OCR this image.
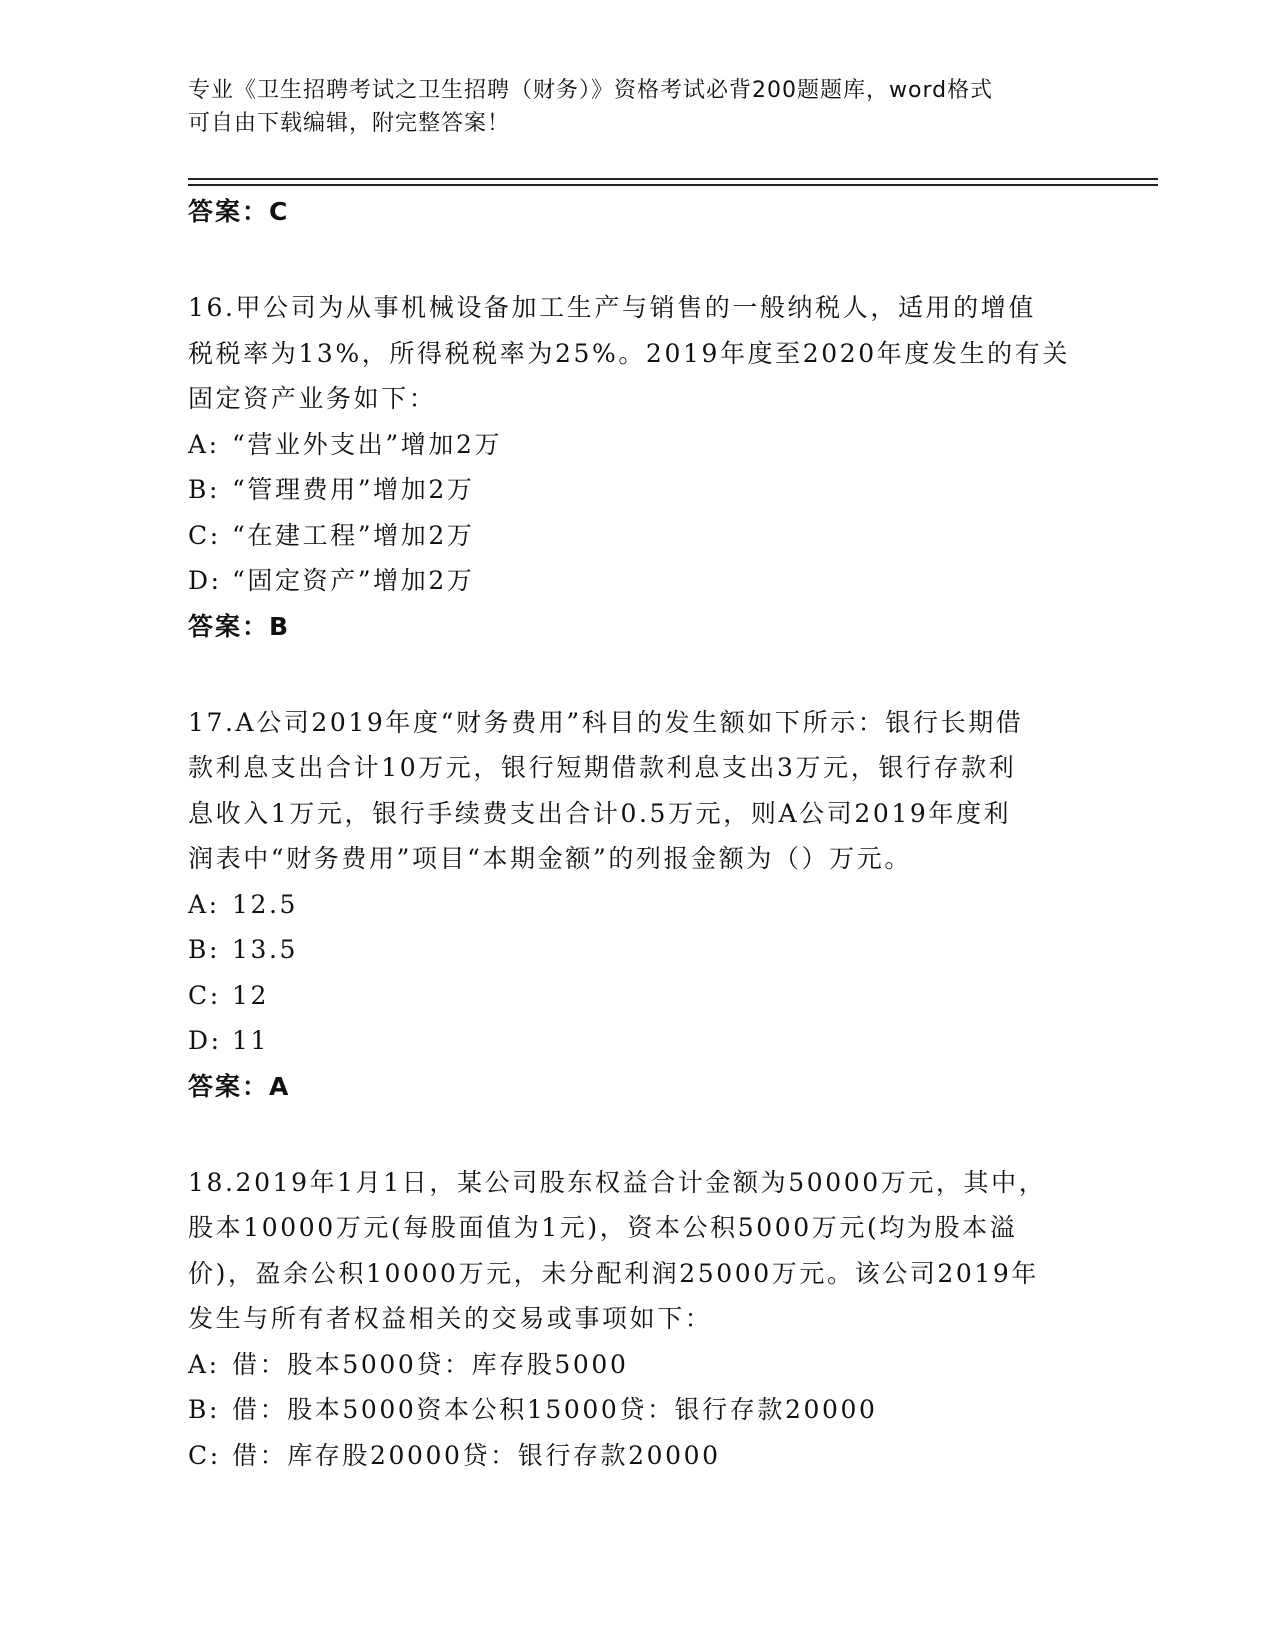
专业《卫生招聘考试之卫生招聘（财务）》资格考试必背200题题库，word格式
可自由下载编辑，附完整答案！
答案：C
16.甲公司为从事机械设备加工生产与销售的一般纳税人，适用的增值
税税率为13%，所得税税率为25%。2019年度至2020年度发生的有关
固定资产业务如下：
A: “营业外支出”增加2万
B: “管理费用”增加2万
C: “在建工程”增加2万
D: “固定资产”增加2万
答案：B
17.A公司2019年度“财务费用”科目的发生额如下所示：银行长期借
款利息支出合计10万元，银行短期借款利息支出3万元，银行存款利
息收入1万元，银行手续费支出合计0.5万元，则A公司2019年度利
润表中“财务费用”项目“本期金额”的列报金额为（）万元。
A: 12.5
B: 13.5
C: 12
D: 11
答案：A
18.2019年1月1日，某公司股东权益合计金额为50000万元，其中，
股本10000万元(每股面值为1元)，资本公积5000万元(均为股本溢
价)，盈余公积10000万元，未分配利润25000万元。该公司2019年
发生与所有者权益相关的交易或事项如下：
A: 借：股本5000贷：库存股5000
B: 借：股本5000资本公积15000贷：银行存款20000
C: 借：库存股20000贷：银行存款20000
